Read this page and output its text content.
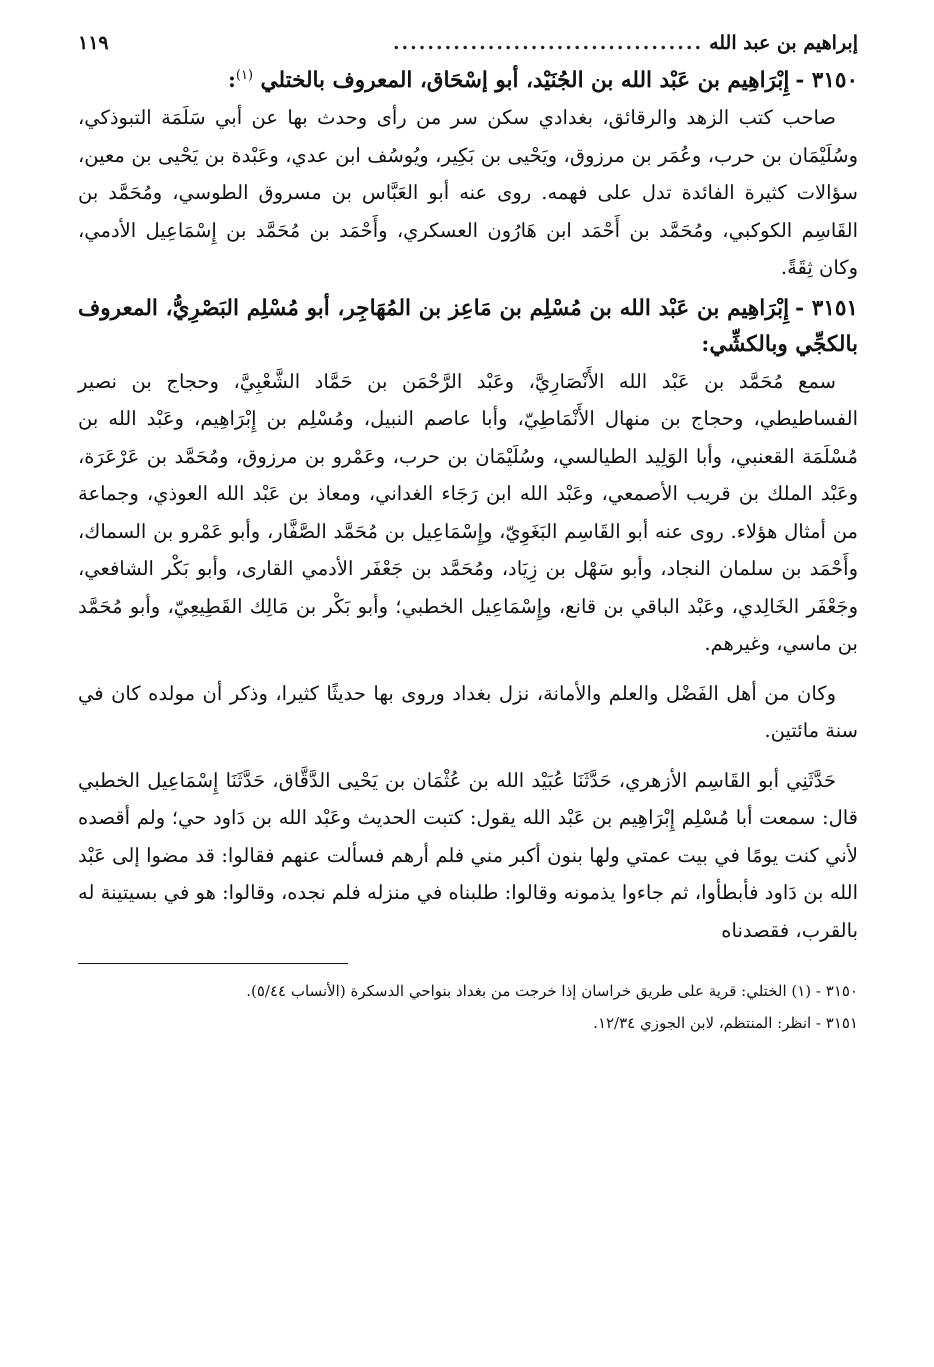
إبراهيم بن عبد الله
....................................
١١٩
٣١٥٠ -إِبْرَاهِيم بن عَبْد الله بن الجُنَيْد، أبو إسْحَاق، المعروف بالختلي $^{(١)}$:

صاحب كتب الزهد والرقائق، بغدادي سكن سر من رأى وحدث بها عن أبي سَلَمَة التبوذكي، وسُلَيْمَان بن حرب، وعُمَر بن مرزوق، ويَحْيى بن بَكِير، ويُوسُف ابن عدي، وعَبْدة بن يَحْيى بن معين، سؤالات كثيرة الفائدة تدل على فهمه. روى عنه أبو العَبَّاس بن مسروق الطوسي، ومُحَمَّد بن القَاسِم الكوكبي، ومُحَمَّد بن أَحْمَد ابن هَارُون العسكري، وأَحْمَد بن مُحَمَّد بن إِسْمَاعِيل الأدمي، وكان ثِقَةً.

٣١٥١ -إِبْرَاهِيم بن عَبْد الله بن مُسْلِم بن مَاعِز بن المُهَاجِر، أبو مُسْلِم البَصْرِيُّ، المعروف بالكجِّي وبالكشِّي:

سمع مُحَمَّد بن عَبْد الله الأَنْصَارِيَّ، وعَبْد الرَّحْمَن بن حَمَّاد الشَّعْبِيَّ، وحجاج بن نصير الفساطيطي، وحجاج بن منهال الأَنْمَاطِيّ، وأبا عاصم النبيل، ومُسْلِم بن إِبْرَاهِيم، وعَبْد الله بن مُسْلَمَة القعنبي، وأبا الوَلِيد الطيالسي، وسُلَيْمَان بن حرب، وعَمْرو بن مرزوق، ومُحَمَّد بن عَرْعَرَة، وعَبْد الملك بن قريب الأصمعي، وعَبْد الله ابن رَجَاء الغداني، ومعاذ بن عَبْد الله العوذي، وجماعة من أمثال هؤلاء. روى عنه أبو القَاسِم البَغَوِيّ، وإِسْمَاعِيل بن مُحَمَّد الصَّفَّار، وأبو عَمْرو بن السماك، وأَحْمَد بن سلمان النجاد، وأبو سَهْل بن زِيَاد، ومُحَمَّد بن جَعْفَر الأدمي القارى، وأبو بَكْر الشافعي، وجَعْفَر الخَالِدي، وعَبْد الباقي بن قانع، وإِسْمَاعِيل الخطبي؛ وأبو بَكْر بن مَالِك القَطِيعِيّ، وأبو مُحَمَّد بن ماسي، وغيرهم.

وكان من أهل الفَضْل والعلم والأمانة، نزل بغداد وروى بها حديثًا كثيرا، وذكر أن مولده كان في سنة مائتين.

حَدَّثَنِي أبو القَاسِم الأزهري، حَدَّثَنَا عُبَيْد الله بن عُثْمَان بن يَحْيى الدَّقَّاق، حَدَّثَنَا إِسْمَاعِيل الخطبي قال: سمعت أبا مُسْلِم إِبْرَاهِيم بن عَبْد الله يقول: كتبت الحديث وعَبْد الله بن دَاود حي؛ ولم أقصده لأني كنت يومًا في بيت عمتي ولها بنون أكبر مني فلم أرهم فسألت عنهم فقالوا: قد مضوا إلى عَبْد الله بن دَاود فأبطأوا، ثم جاءوا يذمونه وقالوا: طلبناه في منزله فلم نجده، وقالوا: هو في بسيتينة له بالقرب، فقصدناه

٣١٥٠ - (١) الختلي: قرية على طريق خراسان إذا خرجت من بغداد بنواحي الدسكرة (الأنساب ٥/٤٤).

٣١٥١ - انظر: المنتظم، لابن الجوزي ١٢/٣٤.
